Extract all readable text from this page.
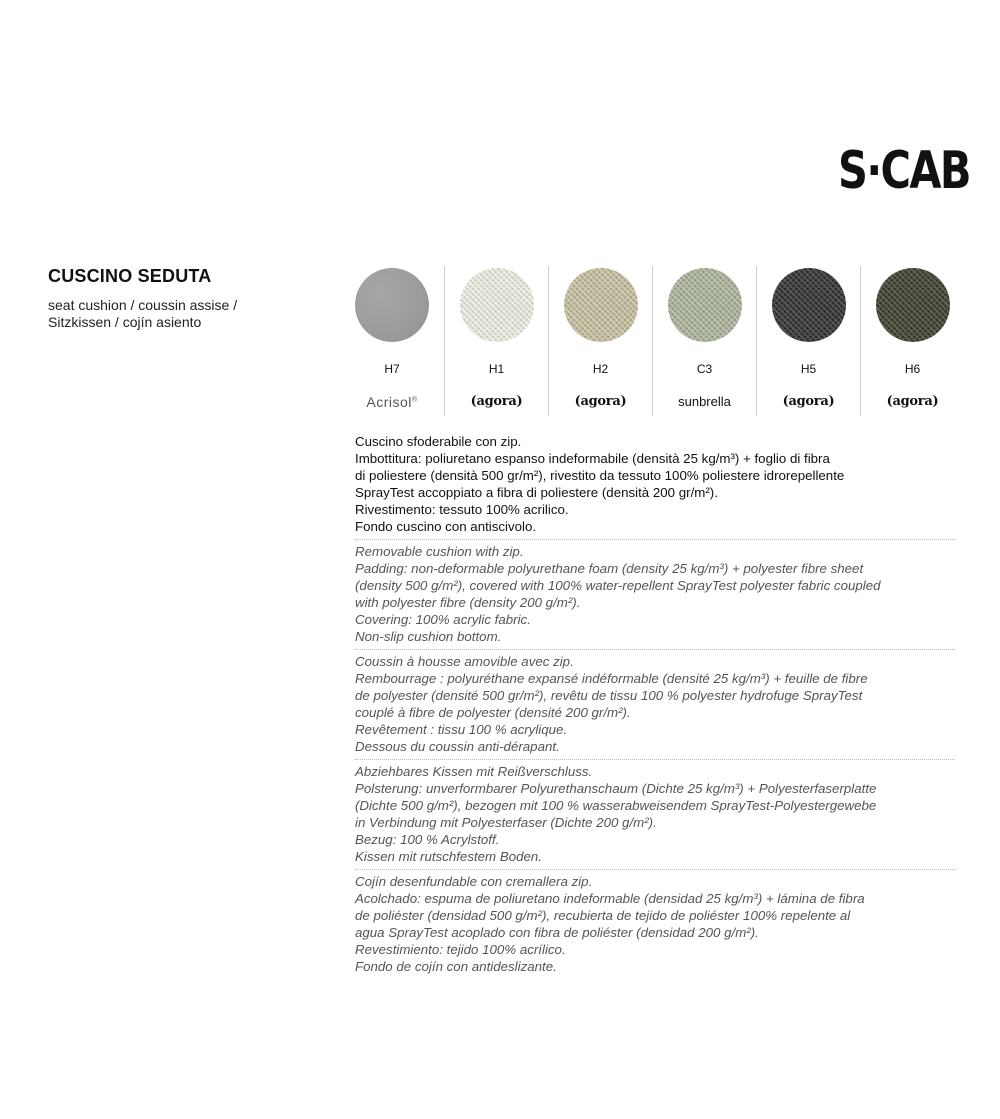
S·CAB
CUSCINO SEDUTA
seat cushion / coussin assise /
Sitzkissen / cojín asiento
H7
Acrisol®
H1
(agora)
H2
(agora)
C3
sunbrella
H5
(agora)
H6
(agora)

Cuscino sfoderabile con zip.

Imbottitura: poliuretano espanso indeformabile (densità 25 kg/m³) + foglio di fibra

di poliestere (densità 500 gr/m²), rivestito da tessuto 100% poliestere idrorepellente

SprayTest accoppiato a fibra di poliestere (densità 200 gr/m²).

Rivestimento: tessuto 100% acrilico.

Fondo cuscino con antiscivolo.

Removable cushion with zip.

Padding: non-deformable polyurethane foam (density 25 kg/m³) + polyester fibre sheet

(density 500 g/m²), covered with 100% water-repellent SprayTest polyester fabric coupled

with polyester fibre (density 200 g/m²).

Covering: 100% acrylic fabric.

Non-slip cushion bottom.

Coussin à housse amovible avec zip.

Rembourrage : polyuréthane expansé indéformable (densité 25 kg/m³) + feuille de fibre

de polyester (densité 500 gr/m²), revêtu de tissu 100 % polyester hydrofuge SprayTest

couplé à fibre de polyester (densité 200 gr/m²).

Revêtement : tissu 100 % acrylique.

Dessous du coussin anti-dérapant.

Abziehbares Kissen mit Reißverschluss.

Polsterung: unverformbarer Polyurethanschaum (Dichte 25 kg/m³) + Polyesterfaserplatte

(Dichte 500 g/m²), bezogen mit 100 % wasserabweisendem SprayTest-Polyestergewebe

in Verbindung mit Polyesterfaser (Dichte 200 g/m²).

Bezug: 100 % Acrylstoff.

Kissen mit rutschfestem Boden.

Cojín desenfundable con cremallera zip.

Acolchado: espuma de poliuretano indeformable (densidad 25 kg/m³) + lámina de fibra

de poliéster (densidad 500 g/m²), recubierta de tejido de poliéster 100% repelente al

agua SprayTest acoplado con fibra de poliéster (densidad 200 g/m²).

Revestimiento: tejido 100% acrílico.

Fondo de cojín con antideslizante.
